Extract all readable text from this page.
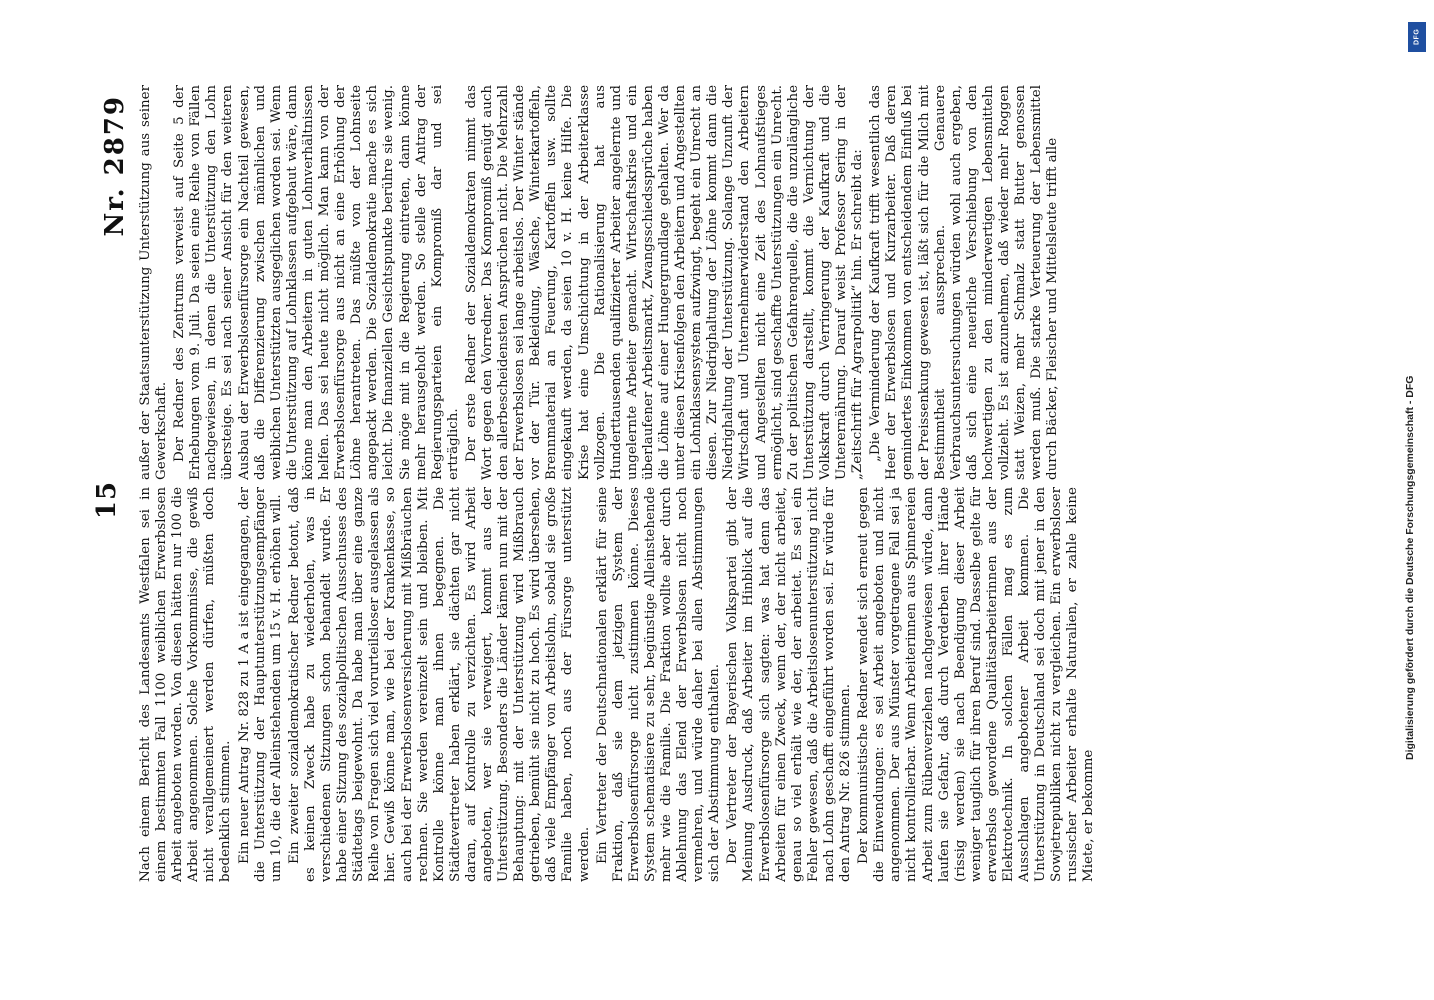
15
Nr. 2879

Nach einem Bericht des Landesamts Westfalen sei in einem bestimmten Fall 1100 weiblichen Erwerbslosen Arbeit angeboten worden. Von diesen hätten nur 100 die Arbeit angenommen. Solche Vorkommnisse, die gewiß nicht verallgemeinert werden dürfen, müßten doch bedenklich stimmen. Ein neuer Antrag Nr. 828 zu 1 A a ist eingegangen, der die Unterstützung der Hauptunterstützungsempfänger um 10, die der Alleinstehenden um 15 v. H. erhöhen will. Ein zweiter sozialdemokratischer Redner betont, daß es keinen Zweck habe zu wiederholen, was in verschiedenen Sitzungen schon behandelt wurde. Er habe einer Sitzung des sozialpolitischen Ausschusses des Städtetags beigewohnt. Da habe man über eine ganze Reihe von Fragen sich viel vorurteilsloser ausgelassen als hier. Gewiß könne man, wie bei der Krankenkasse, so auch bei der Erwerbslosenversicherung mit Mißbräuchen rechnen. Sie werden vereinzelt sein und bleiben. Mit Kontrolle könne man ihnen begegnen. Die Städtevertreter haben erklärt, sie dächten gar nicht daran, auf Kontrolle zu verzichten. Es wird Arbeit angeboten, wer sie verweigert, kommt aus der Unterstützung. Besonders die Länder kämen nun mit der Behauptung: mit der Unterstützung wird Mißbrauch getrieben, bemüht sie nicht zu hoch. Es wird übersehen, daß viele Empfänger von Arbeitslohn, sobald sie große Familie haben, noch aus der Fürsorge unterstützt werden. Ein Vertreter der Deutschnationalen erklärt für seine Fraktion, daß sie dem jetzigen System der Erwerbslosenfürsorge nicht zustimmen könne. Dieses System schematisiere zu sehr, begünstige Alleinstehende mehr wie die Familie. Die Fraktion wollte aber durch Ablehnung das Elend der Erwerbslosen nicht noch vermehren, und würde daher bei allen Abstimmungen sich der Abstimmung enthalten. Der Vertreter der Bayerischen Volkspartei gibt der Meinung Ausdruck, daß Arbeiter im Hinblick auf die Erwerbslosenfürsorge sich sagten: was hat denn das Arbeiten für einen Zweck, wenn der, der nicht arbeitet, genau so viel erhält wie der, der arbeitet. Es sei ein Fehler gewesen, daß die Arbeitslosenunterstützung nicht nach Lohn geschafft eingeführt worden sei. Er würde für den Antrag Nr. 826 stimmen. Der kommunistische Redner wendet sich erneut gegen die Einwendungen: es sei Arbeit angeboten und nicht angenommen. Der aus Münster vorgetragene Fall sei ja nicht kontrollierbar. Wenn Arbeiterinnen aus Spinnereien Arbeit zum Rübenverziehen nachgewiesen würde, dann laufen sie Gefahr, daß durch Verderben ihrer Hände (rissig werden) sie nach Beendigung dieser Arbeit weniger tauglich für ihren Beruf sind. Dasselbe gelte für erwerbslos gewordene Qualitätsarbeiterinnen aus der Elektrotechnik. In solchen Fällen mag es zum Ausschlagen angebotener Arbeit kommen. Die Unterstützung in Deutschland sei doch mit jener in den Sowjetrepubliken nicht zu vergleichen. Ein erwerbsloser russischer Arbeiter erhalte Naturalien, er zahle keine Miete, er bekomme

außer der Staatsunterstützung Unterstützung aus seiner Gewerkschaft. Der Redner des Zentrums verweist auf Seite 5 der Erhebungen vom 9. Juli. Da seien eine Reihe von Fällen nachgewiesen, in denen die Unterstützung den Lohn übersteige. Es sei nach seiner Ansicht für den weiteren Ausbau der Erwerbslosenfürsorge ein Nachteil gewesen, daß die Differenzierung zwischen männlichen und weiblichen Unterstützten ausgeglichen worden sei. Wenn die Unterstützung auf Lohnklassen aufgebaut wäre, dann könne man den Arbeitern in guten Lohnverhältnissen helfen. Das sei heute nicht möglich. Man kann von der Erwerbslosenfürsorge aus nicht an eine Erhöhung der Löhne herantreten. Das müßte von der Lohnseite angepackt werden. Die Sozialdemokratie mache es sich leicht. Die finanziellen Gesichtspunkte berühre sie wenig. Sie möge mit in die Regierung eintreten, dann könne mehr herausgeholt werden. So stelle der Antrag der Regierungsparteien ein Kompromiß dar und sei erträglich. Der erste Redner der Sozialdemokraten nimmt das Wort gegen den Vorredner. Das Kompromiß genügt auch den allerbescheidensten Ansprüchen nicht. Die Mehrzahl der Erwerbslosen sei lange arbeitslos. Der Winter stände vor der Tür. Bekleidung, Wäsche, Winterkartoffeln, Brennmaterial an Feuerung, Kartoffeln usw. sollte eingekauft werden, da seien 10 v. H. keine Hilfe. Die Krise hat eine Umschichtung in der Arbeiterklasse vollzogen. Die Rationalisierung hat aus Hunderttausenden qualifizierter Arbeiter angelernte und ungelernte Arbeiter gemacht. Wirtschaftskrise und ein überlaufener Arbeitsmarkt, Zwangsschiedssprüche haben die Löhne auf einer Hungergrundlage gehalten. Wer da unter diesen Krisenfolgen den Arbeitern und Angestellten ein Lohnklassensystem aufzwingt, begeht ein Unrecht an diesen. Zur Niedrighaltung der Löhne kommt dann die Niedrighaltung der Unterstützung. Solange Unzunft der Wirtschaft und Unternehmerwiderstand den Arbeitern und Angestellten nicht eine Zeit des Lohnaufstieges ermöglicht, sind geschaffte Unterstützungen ein Unrecht. Zu der politischen Gefahrenquelle, die die unzulängliche Unterstützung darstellt, kommt die Vernichtung der Volkskraft durch Verringerung der Kaufkraft und die Unterernährung. Darauf weist Professor Sering in der „Zeitschrift für Agrarpolitik“ hin. Er schreibt da: „Die Verminderung der Kaufkraft trifft wesentlich das Heer der Erwerbslosen und Kurzarbeiter. Daß deren gemindertes Einkommen von entscheidendem Einfluß bei der Preissenkung gewesen ist, läßt sich für die Milch mit Bestimmtheit aussprechen. Genauere Verbrauchsuntersuchungen würden wohl auch ergeben, daß sich eine neuerliche Verschiebung von den hochwertigen zu den minderwertigen Lebensmitteln vollzieht. Es ist anzunehmen, daß wieder mehr Roggen statt Weizen, mehr Schmalz statt Butter genossen werden muß. Die starke Verteuerung der Lebensmittel durch Bäcker, Fleischer und Mittelsleute trifft alle

DFG
Digitalisierung gefördert durch die Deutsche Forschungsgemeinschaft - DFG
